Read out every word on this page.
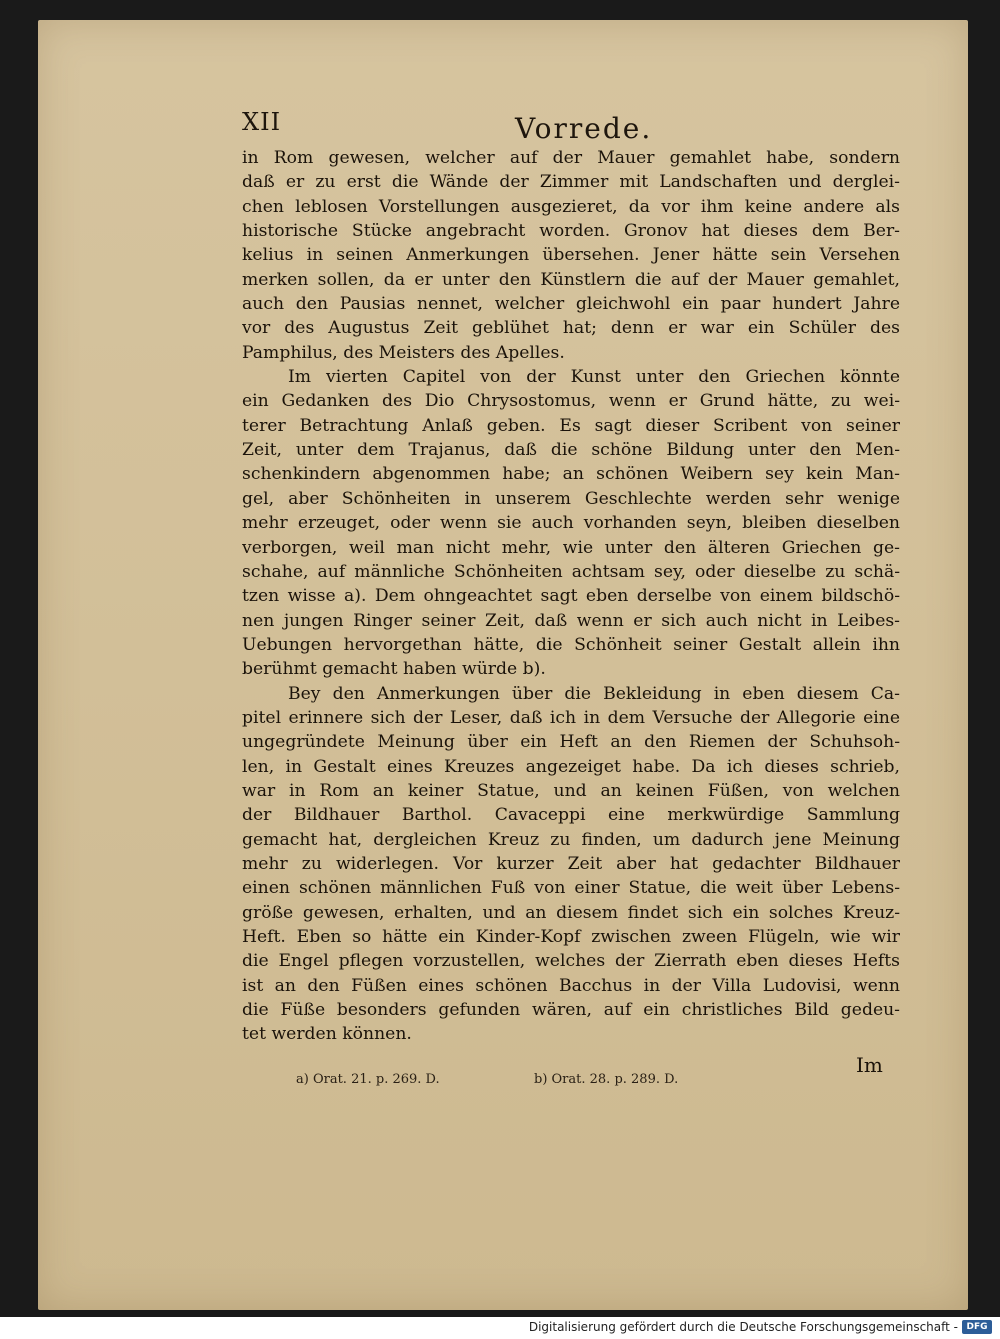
XII	Vorrede.
in Rom gewesen, welcher auf der Mauer gemahlet habe, sondern
daß er zu erst die Wände der Zimmer mit Landschaften und derglei-
chen leblosen Vorstellungen ausgezieret, da vor ihm keine andere als
historische Stücke angebracht worden. Gronov hat dieses dem Ber-
kelius in seinen Anmerkungen übersehen. Jener hätte sein Versehen
merken sollen, da er unter den Künstlern die auf der Mauer gemahlet,
auch den Pausias nennet, welcher gleichwohl ein paar hundert Jahre
vor des Augustus Zeit geblühet hat; denn er war ein Schüler des
Pamphilus, des Meisters des Apelles.
Im vierten Capitel von der Kunst unter den Griechen könnte
ein Gedanken des Dio Chrysostomus, wenn er Grund hätte, zu wei-
terer Betrachtung Anlaß geben. Es sagt dieser Scribent von seiner
Zeit, unter dem Trajanus, daß die schöne Bildung unter den Men-
schenkindern abgenommen habe; an schönen Weibern sey kein Man-
gel, aber Schönheiten in unserem Geschlechte werden sehr wenige
mehr erzeuget, oder wenn sie auch vorhanden seyn, bleiben dieselben
verborgen, weil man nicht mehr, wie unter den älteren Griechen ge-
schahe, auf männliche Schönheiten achtsam sey, oder dieselbe zu schä-
tzen wisse a). Dem ohngeachtet sagt eben derselbe von einem bildschö-
nen jungen Ringer seiner Zeit, daß wenn er sich auch nicht in Leibes-
Uebungen hervorgethan hätte, die Schönheit seiner Gestalt allein ihn
berühmt gemacht haben würde b).
Bey den Anmerkungen über die Bekleidung in eben diesem Ca-
pitel erinnere sich der Leser, daß ich in dem Versuche der Allegorie eine
ungegründete Meinung über ein Heft an den Riemen der Schuhsoh-
len, in Gestalt eines Kreuzes angezeiget habe. Da ich dieses schrieb,
war in Rom an keiner Statue, und an keinen Füßen, von welchen
der Bildhauer Barthol. Cavaceppi eine merkwürdige Sammlung
gemacht hat, dergleichen Kreuz zu finden, um dadurch jene Meinung
mehr zu widerlegen. Vor kurzer Zeit aber hat gedachter Bildhauer
einen schönen männlichen Fuß von einer Statue, die weit über Lebens-
größe gewesen, erhalten, und an diesem findet sich ein solches Kreuz-
Heft. Eben so hätte ein Kinder-Kopf zwischen zween Flügeln, wie wir
die Engel pflegen vorzustellen, welches der Zierrath eben dieses Hefts
ist an den Füßen eines schönen Bacchus in der Villa Ludovisi, wenn
die Füße besonders gefunden wären, auf ein christliches Bild gedeu-
tet werden können.
Im
a) Orat. 21. p. 269. D.	b) Orat. 28. p. 289. D.
Digitalisierung gefördert durch die Deutsche Forschungsgemeinschaft - DFG
